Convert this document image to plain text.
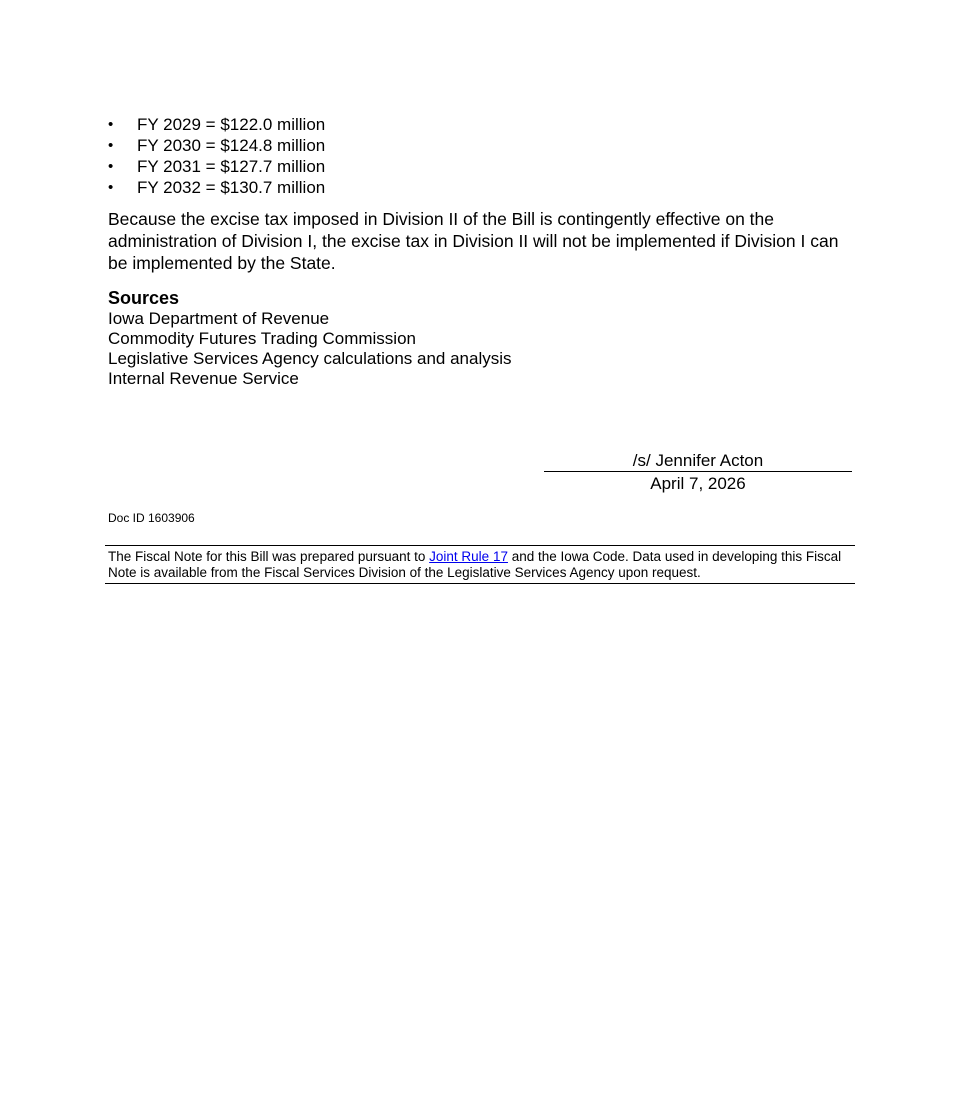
• FY 2029 = $122.0 million
• FY 2030 = $124.8 million
• FY 2031 = $127.7 million
• FY 2032 = $130.7 million

Because the excise tax imposed in Division II of the Bill is contingently effective on the administration of Division I, the excise tax in Division II will not be implemented if Division I can be implemented by the State.

Sources
Iowa Department of Revenue
Commodity Futures Trading Commission
Legislative Services Agency calculations and analysis
Internal Revenue Service
/s/ Jennifer Acton
April 7, 2026
Doc ID 1603906
The Fiscal Note for this Bill was prepared pursuant to Joint Rule 17 and the Iowa Code. Data used in developing this Fiscal Note is available from the Fiscal Services Division of the Legislative Services Agency upon request.
